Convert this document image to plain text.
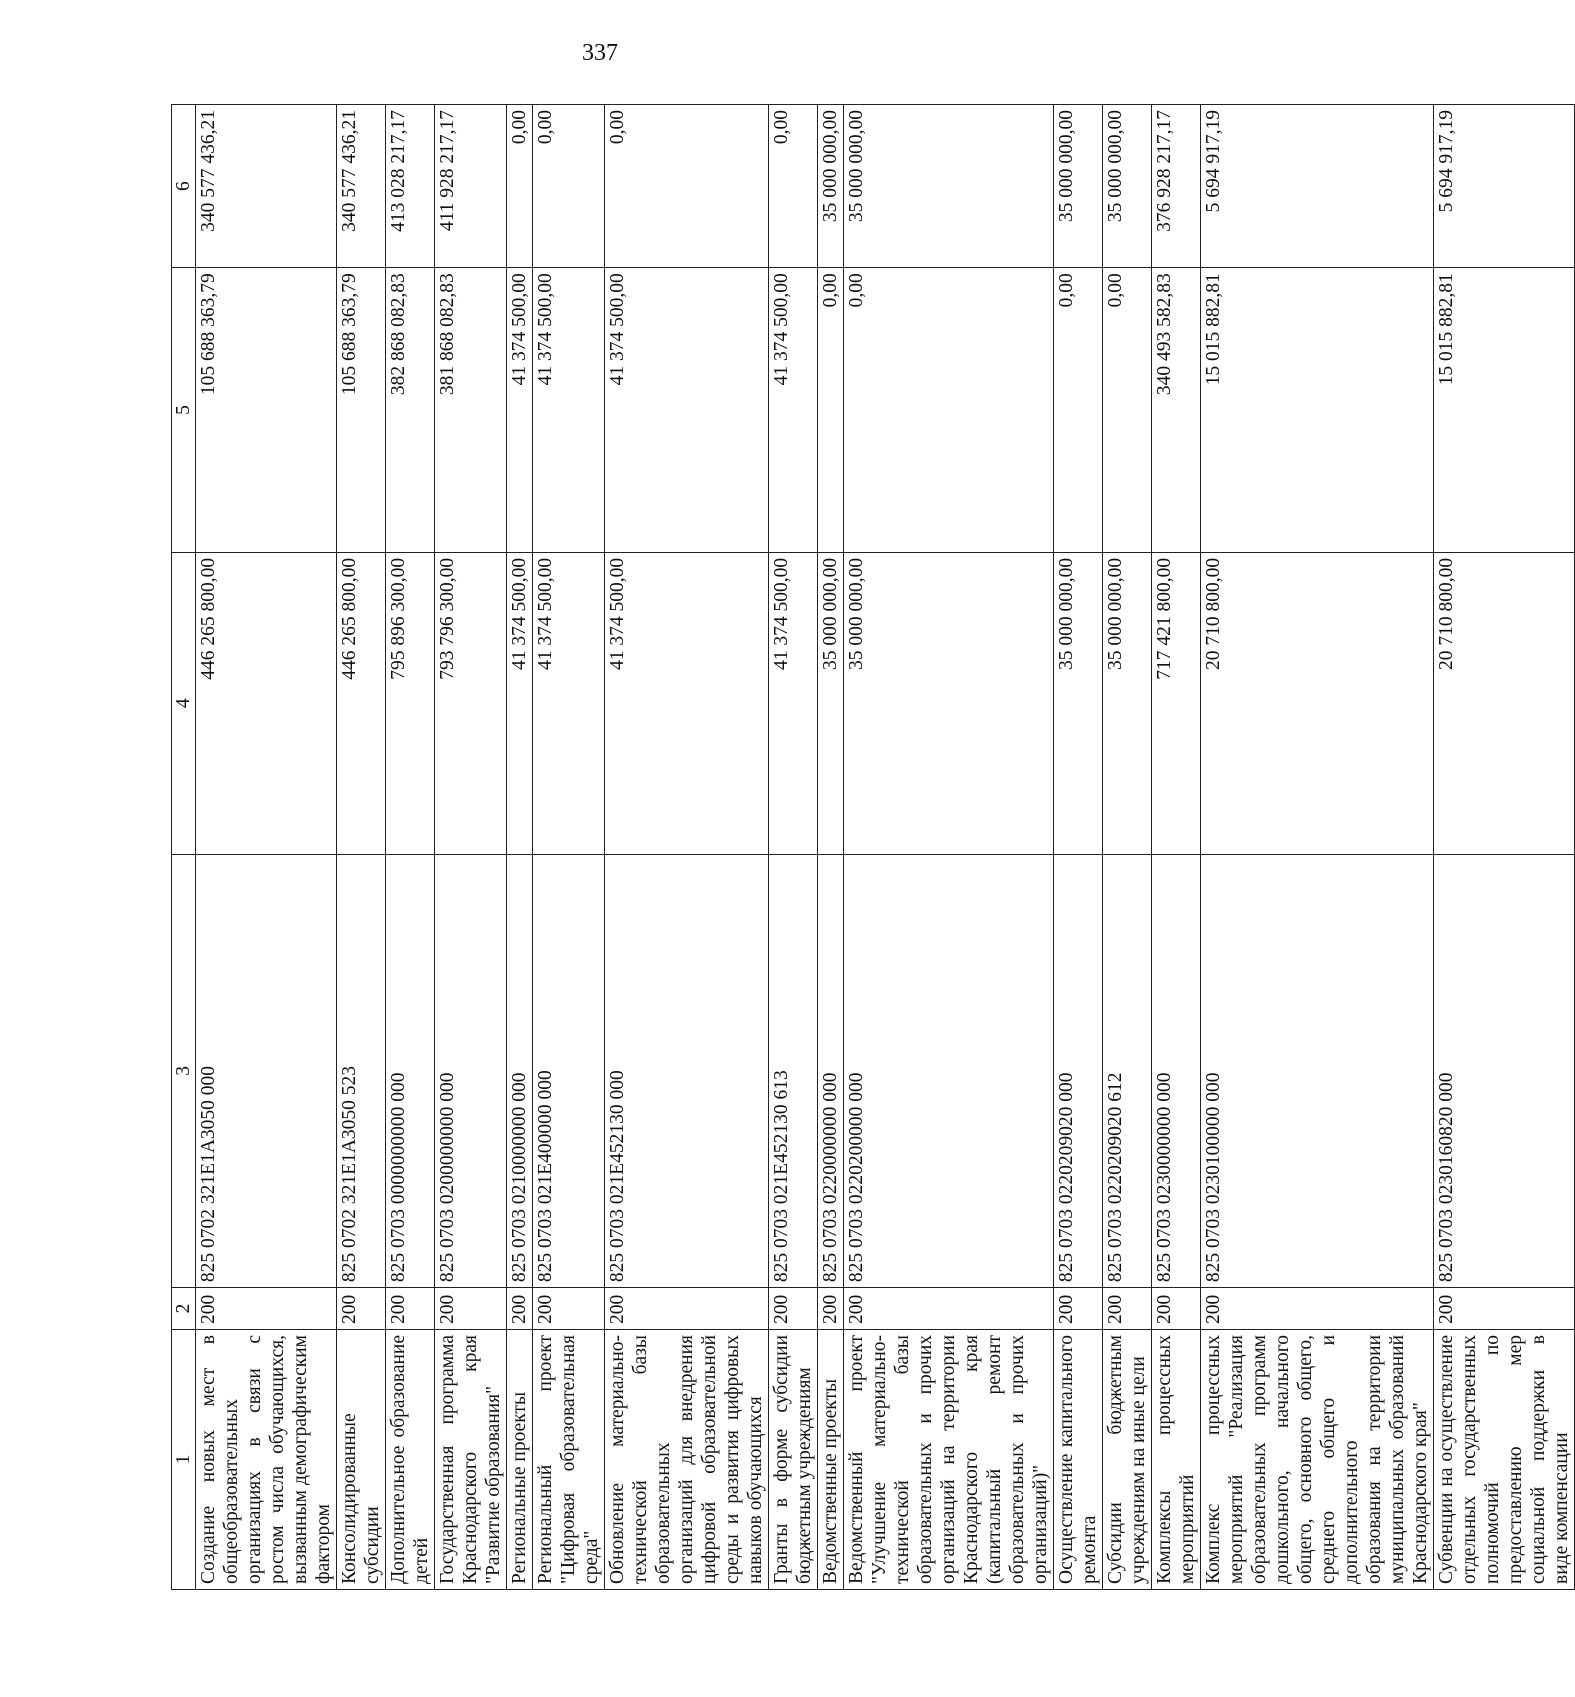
337
1	2	3	4	5	6
Создание новых мест в общеобразовательных организациях в связи с ростом числа обучающихся, вызванным демографическим фактором	200	825 0702 321E1А3050 000	446 265 800,00	105 688 363,79	340 577 436,21
Консолидированные субсидии	200	825 0702 321E1А3050 523	446 265 800,00	105 688 363,79	340 577 436,21
Дополнительное образование детей	200	825 0703 0000000000 000	795 896 300,00	382 868 082,83	413 028 217,17
Государственная программа Краснодарского края "Развитие образования"	200	825 0703 0200000000 000	793 796 300,00	381 868 082,83	411 928 217,17
Региональные проекты	200	825 0703 0210000000 000	41 374 500,00	41 374 500,00	0,00
Региональный проект "Цифровая образовательная среда"	200	825 0703 021E400000 000	41 374 500,00	41 374 500,00	0,00
Обновление материально-технической базы образовательных организаций для внедрения цифровой образовательной среды и развития цифровых навыков обучающихся	200	825 0703 021E452130 000	41 374 500,00	41 374 500,00	0,00
Гранты в форме субсидии бюджетным учреждениям	200	825 0703 021E452130 613	41 374 500,00	41 374 500,00	0,00
Ведомственные проекты	200	825 0703 0220000000 000	35 000 000,00	0,00	35 000 000,00
Ведомственный проект "Улучшение материально-технической базы образовательных и прочих организаций на территории Краснодарского края (капитальный ремонт образовательных и прочих организаций)"	200	825 0703 0220200000 000	35 000 000,00	0,00	35 000 000,00
Осуществление капитального ремонта	200	825 0703 0220209020 000	35 000 000,00	0,00	35 000 000,00
Субсидии бюджетным учреждениям на иные цели	200	825 0703 0220209020 612	35 000 000,00	0,00	35 000 000,00
Комплексы процессных мероприятий	200	825 0703 0230000000 000	717 421 800,00	340 493 582,83	376 928 217,17
Комплекс процессных мероприятий "Реализация образовательных программ дошкольного, начального общего, основного общего, среднего общего и дополнительного образования на территории муниципальных образований Краснодарского края"	200	825 0703 0230100000 000	20 710 800,00	15 015 882,81	5 694 917,19
Субвенции на осуществление отдельных государственных полномочий по предоставлению мер социальной поддержки в виде компенсации	200	825 0703 0230160820 000	20 710 800,00	15 015 882,81	5 694 917,19
